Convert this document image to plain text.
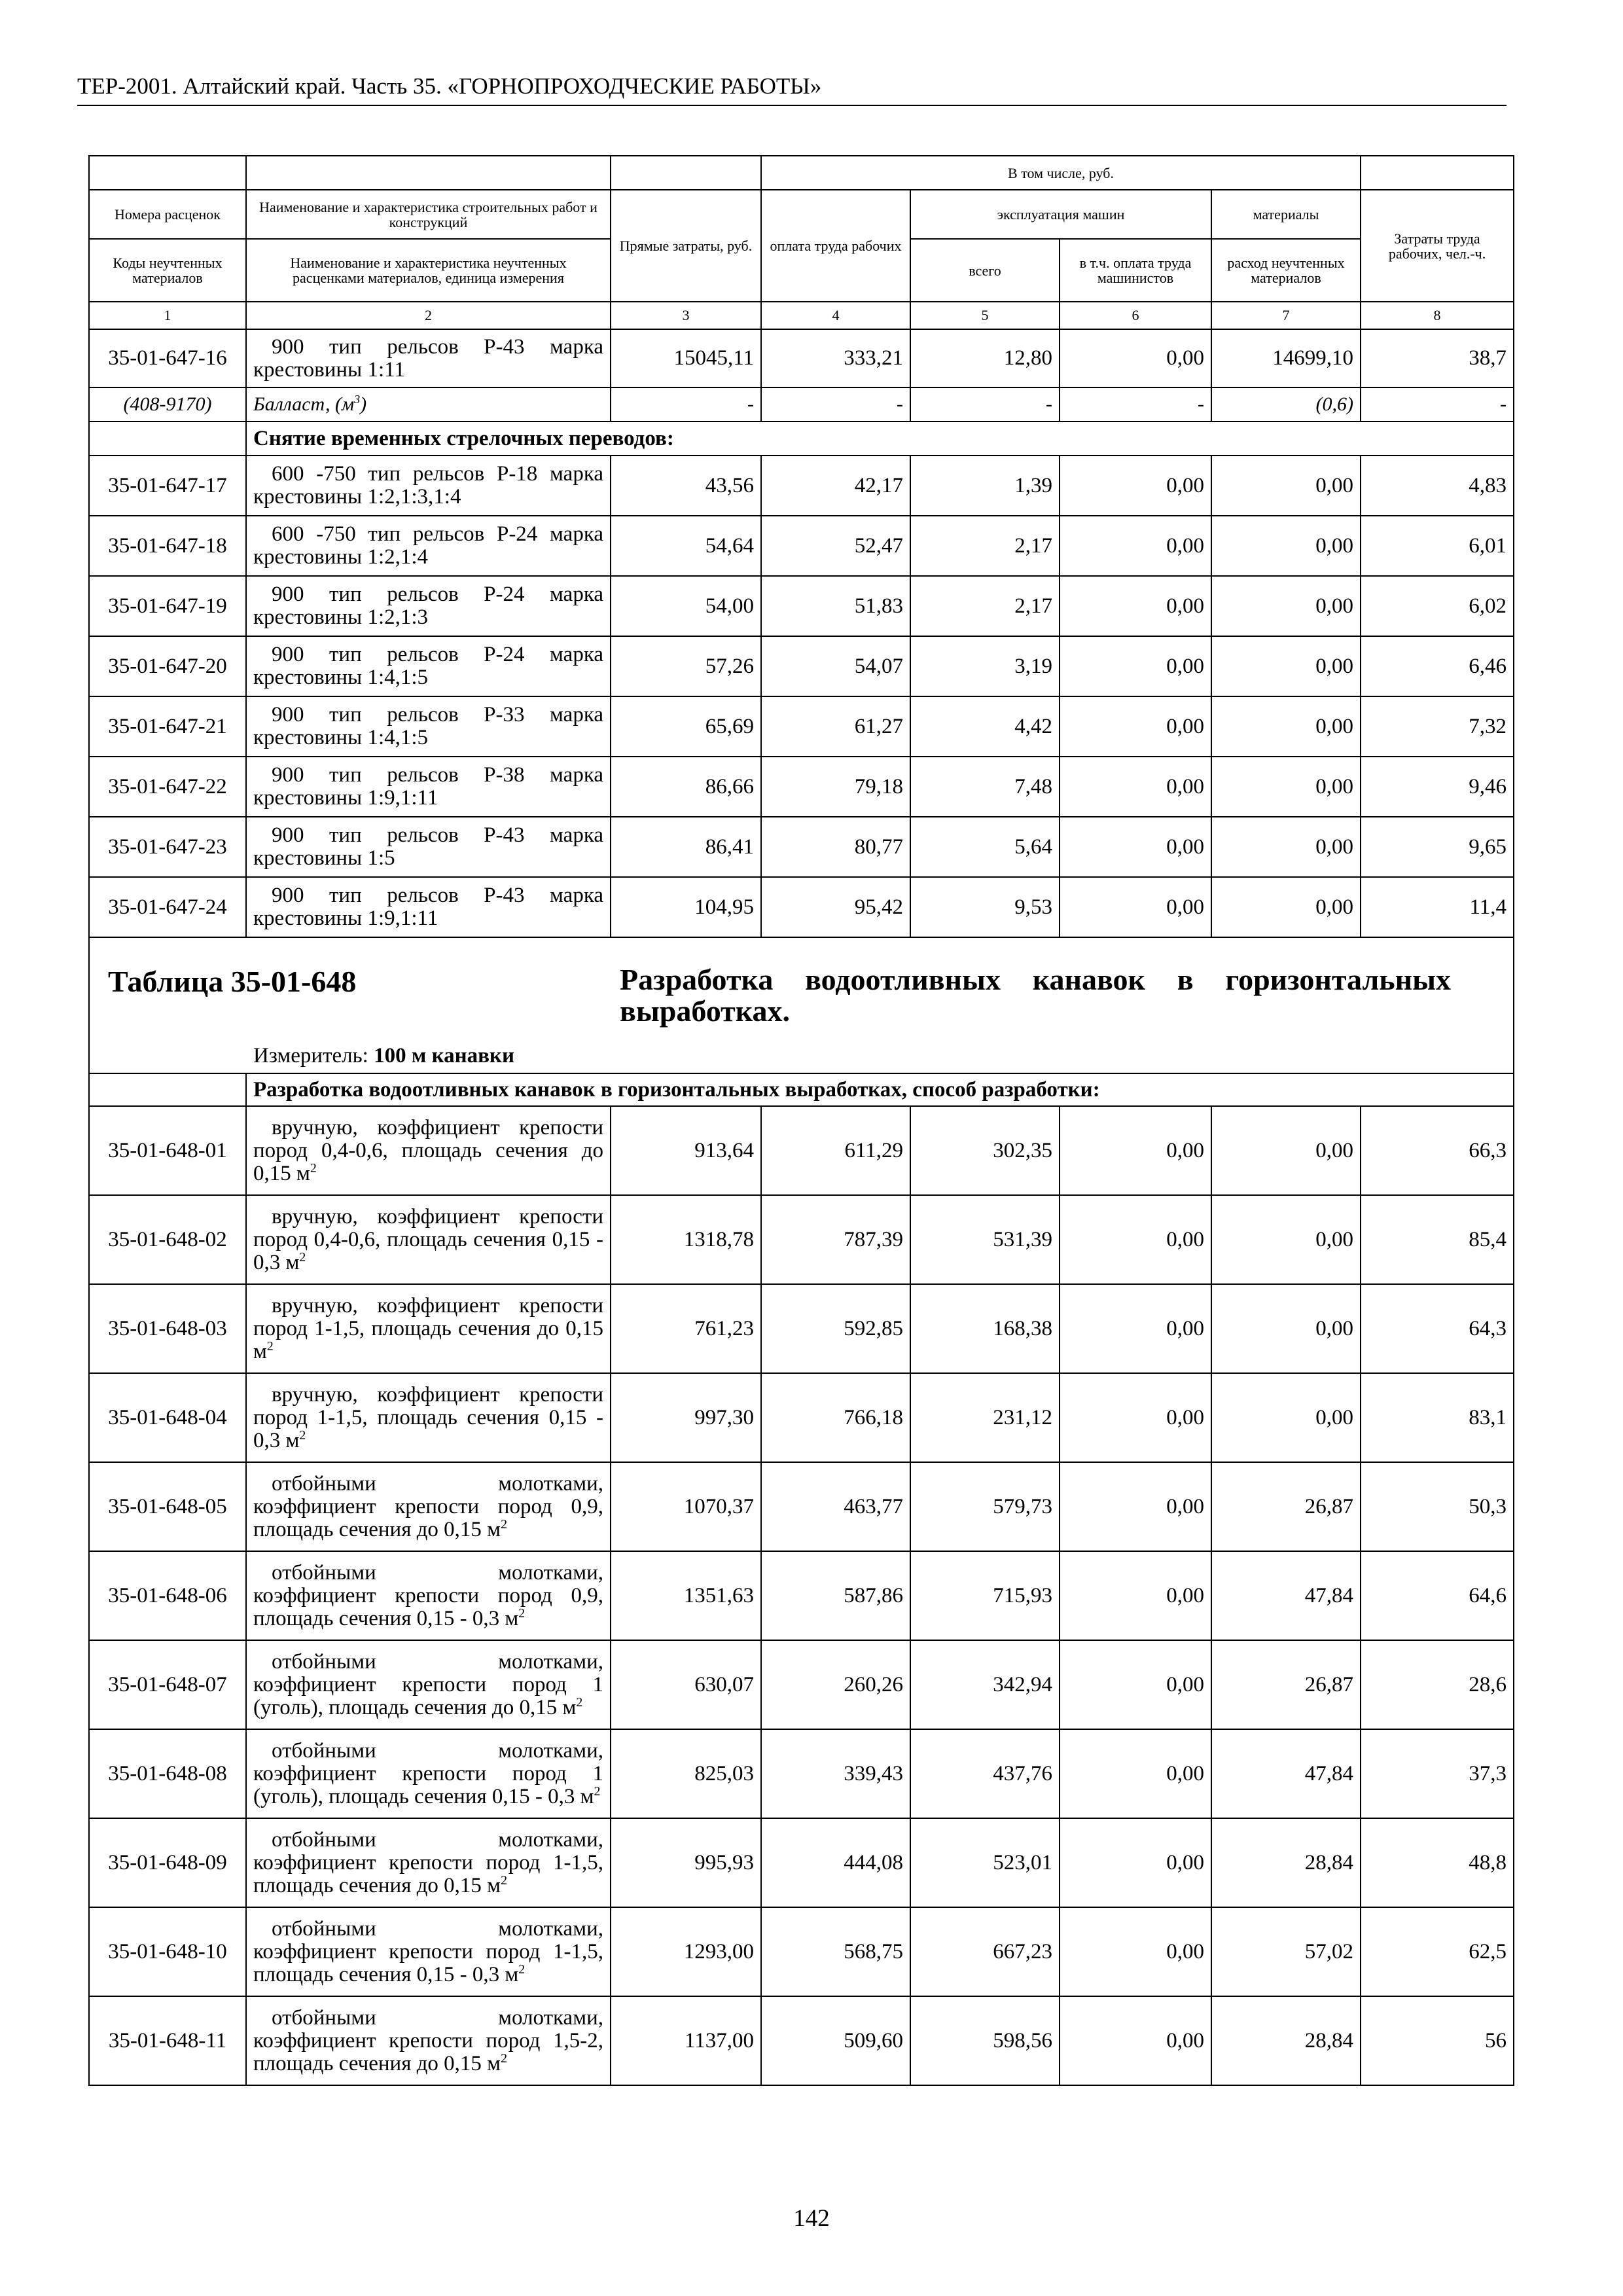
ТЕР-2001. Алтайский край. Часть 35. «ГОРНОПРОХОДЧЕСКИЕ РАБОТЫ»
			В том числе, руб.				
Номера расценок	Наименование и характеристика строительных работ и конструкций	Прямые затраты, руб.	оплата труда рабочих	эксплуатация машин		материалы	Затраты труда рабочих, чел.-ч.
Коды неучтенных материалов	Наименование и характеристика неучтенных расценками материалов, единица измерения			всего	в т.ч. оплата труда машинистов	расход неучтенных материалов	
1	2	3	4	5	6	7	8
35-01-647-16	900 тип рельсов Р-43 марка крестовины 1:11	15045,11	333,21	12,80	0,00	14699,10	38,7
(408-9170)	Балласт, $(м^3)$	-	-	-	-	(0,6)	-
	Снятие временных стрелочных переводов:						
35-01-647-17	600 -750 тип рельсов Р-18 марка крестовины 1:2,1:3,1:4	43,56	42,17	1,39	0,00	0,00	4,83
35-01-647-18	600 -750 тип рельсов Р-24 марка крестовины 1:2,1:4	54,64	52,47	2,17	0,00	0,00	6,01
35-01-647-19	900 тип рельсов Р-24 марка крестовины 1:2,1:3	54,00	51,83	2,17	0,00	0,00	6,02
35-01-647-20	900 тип рельсов Р-24 марка крестовины 1:4,1:5	57,26	54,07	3,19	0,00	0,00	6,46
35-01-647-21	900 тип рельсов Р-33 марка крестовины 1:4,1:5	65,69	61,27	4,42	0,00	0,00	7,32
35-01-647-22	900 тип рельсов Р-38 марка крестовины 1:9,1:11	86,66	79,18	7,48	0,00	0,00	9,46
35-01-647-23	900 тип рельсов Р-43 марка крестовины 1:5	86,41	80,77	5,64	0,00	0,00	9,65
35-01-647-24	900 тип рельсов Р-43 марка крестовины 1:9,1:11	104,95	95,42	9,53	0,00	0,00	11,4

Таблица 35-01-648 Разработка водоотливных канавок в горизонтальных выработках.
Измеритель: 100 м канавки							

	Разработка водоотливных канавок в горизонтальных выработках, способ разработки:						
35-01-648-01	вручную, коэффициент крепости пород 0,4-0,6, площадь сечения до 0,15 $м^2$	913,64	611,29	302,35	0,00	0,00	66,3
35-01-648-02	вручную, коэффициент крепости пород 0,4-0,6, площадь сечения 0,15 - 0,3 $м^2$	1318,78	787,39	531,39	0,00	0,00	85,4
35-01-648-03	вручную, коэффициент крепости пород 1-1,5, площадь сечения до 0,15 $м^2$	761,23	592,85	168,38	0,00	0,00	64,3
35-01-648-04	вручную, коэффициент крепости пород 1-1,5, площадь сечения 0,15 - 0,3 $м^2$	997,30	766,18	231,12	0,00	0,00	83,1
35-01-648-05	отбойными молотками, коэффициент крепости пород 0,9, площадь сечения до 0,15 $м^2$	1070,37	463,77	579,73	0,00	26,87	50,3
35-01-648-06	отбойными молотками, коэффициент крепости пород 0,9, площадь сечения 0,15 - 0,3 $м^2$	1351,63	587,86	715,93	0,00	47,84	64,6
35-01-648-07	отбойными молотками, коэффициент крепости пород 1 (уголь), площадь сечения до 0,15 $м^2$	630,07	260,26	342,94	0,00	26,87	28,6
35-01-648-08	отбойными молотками, коэффициент крепости пород 1 (уголь), площадь сечения 0,15 - 0,3 $м^2$	825,03	339,43	437,76	0,00	47,84	37,3
35-01-648-09	отбойными молотками, коэффициент крепости пород 1-1,5, площадь сечения до 0,15 $м^2$	995,93	444,08	523,01	0,00	28,84	48,8
35-01-648-10	отбойными молотками, коэффициент крепости пород 1-1,5, площадь сечения 0,15 - 0,3 $м^2$	1293,00	568,75	667,23	0,00	57,02	62,5
35-01-648-11	отбойными молотками, коэффициент крепости пород 1,5-2, площадь сечения до 0,15 $м^2$	1137,00	509,60	598,56	0,00	28,84	56
142
